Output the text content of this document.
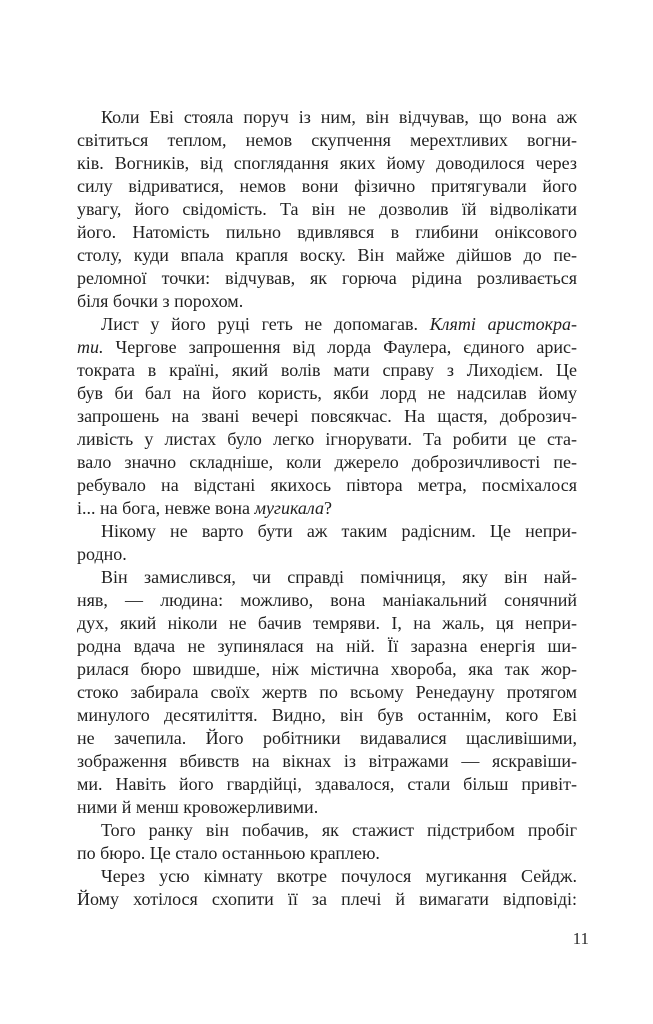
Коли Еві стояла поруч із ним, він відчував, що вона аж
світиться теплом, немов скупчення мерехтливих вогни-
ків. Вогників, від споглядання яких йому доводилося через
силу відриватися, немов вони фізично притягували його
увагу, його свідомість. Та він не дозволив їй відволікати
його. Натомість пильно вдивлявся в глибини оніксового
столу, куди впала крапля воску. Він майже дійшов до пе-
реломної точки: відчував, як горюча рідина розливається
біля бочки з порохом.
Лист у його руці геть не допомагав. Кляті аристокра-
ти. Чергове запрошення від лорда Фаулера, єдиного арис-
тократа в країні, який волів мати справу з Лиходієм. Це
був би бал на його користь, якби лорд не надсилав йому
запрошень на звані вечері повсякчас. На щастя, доброзич-
ливість у листах було легко ігнорувати. Та робити це ста-
вало значно складніше, коли джерело доброзичливості пе-
ребувало на відстані якихось півтора метра, посміхалося
і... на бога, невже вона мугикала?
Нікому не варто бути аж таким радісним. Це непри-
родно.
Він замислився, чи справді помічниця, яку він най-
няв, — людина: можливо, вона маніакальний сонячний
дух, який ніколи не бачив темряви. І, на жаль, ця непри-
родна вдача не зупинялася на ній. Її заразна енергія ши-
рилася бюро швидше, ніж містична хвороба, яка так жор-
стоко забирала своїх жертв по всьому Ренедауну протягом
минулого десятиліття. Видно, він був останнім, кого Еві
не зачепила. Його робітники видавалися щасливішими,
зображення вбивств на вікнах із вітражами — яскравіши-
ми. Навіть його гвардійці, здавалося, стали більш привіт-
ними й менш кровожерливими.
Того ранку він побачив, як стажист підстрибом пробіг
по бюро. Це стало останньою краплею.
Через усю кімнату вкотре почулося мугикання Сейдж.
Йому хотілося схопити її за плечі й вимагати відповіді:
11
